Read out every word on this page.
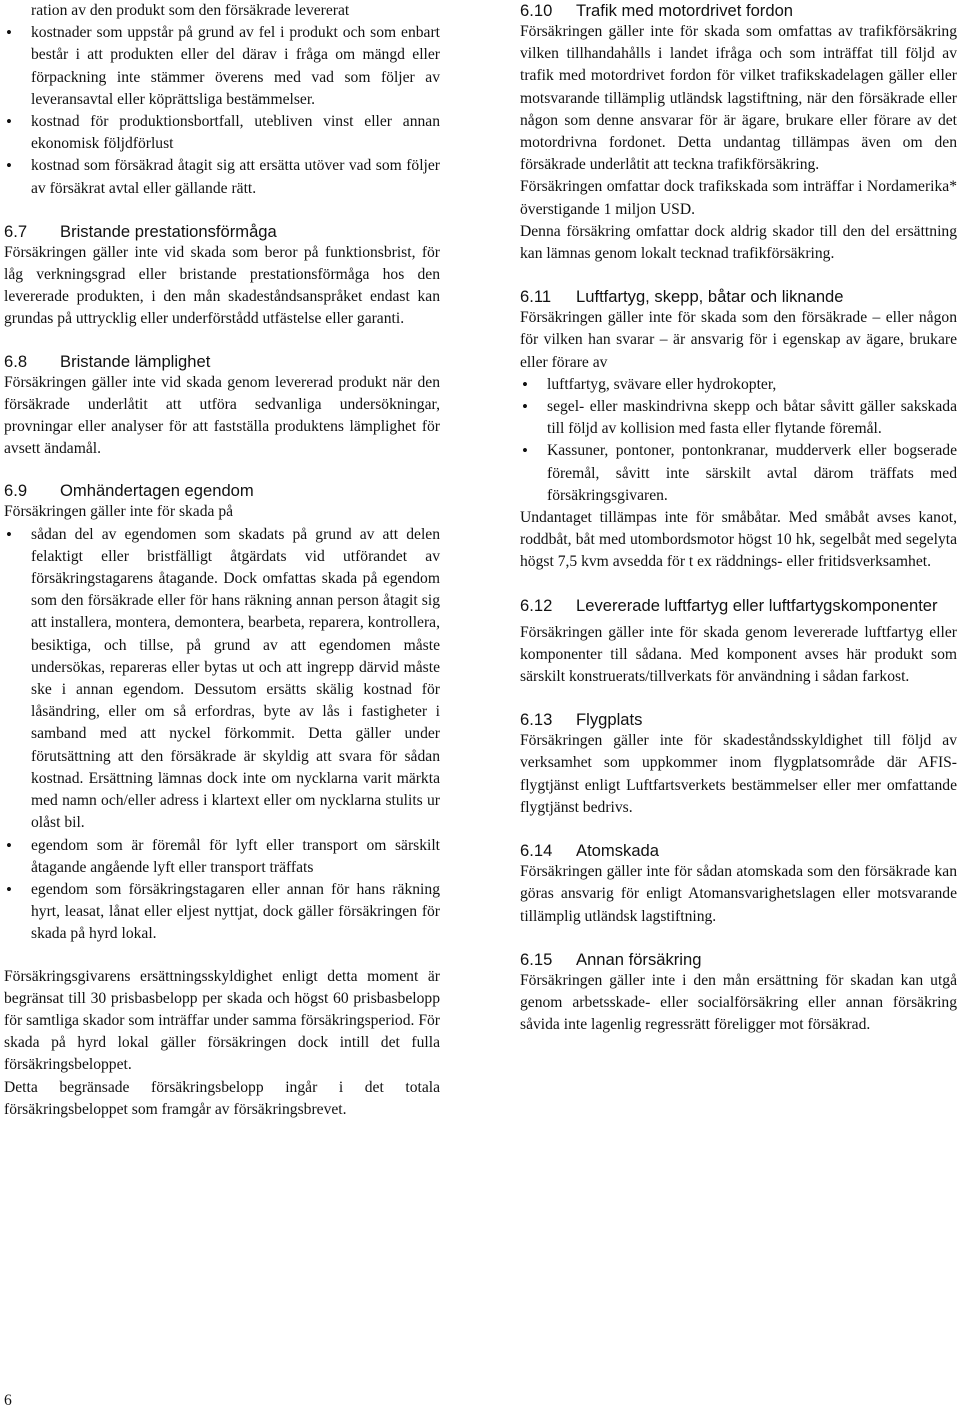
ration av den produkt som den försäkrade levererat

• kostnader som uppstår på grund av fel i produkt och som enbart består i att produkten eller del därav i fråga om mängd eller förpackning inte stämmer överens med vad som följer av leveransavtal eller köprättsliga bestämmelser.
• kostnad för produktionsbortfall, utebliven vinst eller annan ekonomisk följdförlust
• kostnad som försäkrad åtagit sig att ersätta utöver vad som följer av försäkrat avtal eller gällande rätt.
6.7	Bristande prestationsförmåga

Försäkringen gäller inte vid skada som beror på funktionsbrist, för låg verkningsgrad eller bristande prestationsförmåga hos den levererade produkten, i den mån skadeståndsanspråket endast kan grundas på uttrycklig eller underförstådd utfästelse eller garanti.

6.8	Bristande lämplighet

Försäkringen gäller inte vid skada genom levererad produkt när den försäkrade underlåtit att utföra sedvanliga undersökningar, provningar eller analyser för att fastställa produktens lämplighet för avsett ändamål.

6.9	Omhändertagen egendom

Försäkringen gäller inte för skada på

• sådan del av egendomen som skadats på grund av att delen felaktigt eller bristfälligt åtgärdats vid utförandet av försäkringstagarens åtagande. Dock omfattas skada på egendom som den försäkrade eller för hans räkning annan person åtagit sig att installera, montera, demontera, bearbeta, reparera, kontrollera, besiktiga, och tillse, på grund av att egendomen måste undersökas, repareras eller bytas ut och att ingrepp därvid måste ske i annan egendom. Dessutom ersätts skälig kostnad för låsändring, eller om så erfordras, byte av lås i fastigheter i samband med att nyckel förkommit. Detta gäller under förutsättning att den försäkrade är skyldig att svara för sådan kostnad. Ersättning lämnas dock inte om nycklarna varit märkta med namn och/eller adress i klartext eller om nycklarna stulits ur olåst bil.
• egendom som är föremål för lyft eller transport om särskilt åtagande angående lyft eller transport träffats
• egendom som försäkringstagaren eller annan för hans räkning hyrt, leasat, lånat eller eljest nyttjat, dock gäller försäkringen för skada på hyrd lokal.

Försäkringsgivarens ersättningsskyldighet enligt detta moment är begränsat till 30 prisbasbelopp per skada och högst 60 prisbasbelopp för samtliga skador som inträffar under samma försäkringsperiod. För skada på hyrd lokal gäller försäkringen dock intill det fulla försäkringsbeloppet.

Detta begränsade försäkringsbelopp ingår i det totala försäkringsbeloppet som framgår av försäkringsbrevet.

6.10	Trafik med motordrivet fordon

Försäkringen gäller inte för skada som omfattas av trafikförsäkring vilken tillhandahålls i landet ifråga och som inträffat till följd av trafik med motordrivet fordon för vilket trafikskadelagen gäller eller motsvarande tillämplig utländsk lagstiftning, när den försäkrade eller någon som denne ansvarar för är ägare, brukare eller förare av det motordrivna fordonet. Detta undantag tillämpas även om den försäkrade underlåtit att teckna trafikförsäkring.

Försäkringen omfattar dock trafikskada som inträffar i Nordamerika* överstigande 1 miljon USD.

Denna försäkring omfattar dock aldrig skador till den del ersättning kan lämnas genom lokalt tecknad trafikförsäkring.

6.11	Luftfartyg, skepp, båtar och liknande

Försäkringen gäller inte för skada som den försäkrade – eller någon för vilken han svarar – är ansvarig för i egenskap av ägare, brukare eller förare av

• luftfartyg, svävare eller hydrokopter,
• segel- eller maskindrivna skepp och båtar såvitt gäller sakskada till följd av kollision med fasta eller flytande föremål.
• Kassuner, pontoner, pontonkranar, mudderverk eller bogserade föremål, såvitt inte särskilt avtal därom träffats med försäkringsgivaren.

Undantaget tillämpas inte för småbåtar. Med småbåt avses kanot, roddbåt, båt med utombordsmotor högst 10 hk, segelbåt med segelyta högst 7,5 kvm avsedda för t ex räddnings- eller fritidsverksamhet.

6.12	Levererade luftfartyg eller luftfartygskomponenter

Försäkringen gäller inte för skada genom levererade luftfartyg eller komponenter till sådana. Med komponent avses här produkt som särskilt konstruerats/tillverkats för användning i sådan farkost.

6.13	Flygplats

Försäkringen gäller inte för skadeståndsskyldighet till följd av verksamhet som uppkommer inom flygplatsområde där AFIS-flygtjänst enligt Luftfartsverkets bestämmelser eller mer omfattande flygtjänst bedrivs.

6.14	Atomskada

Försäkringen gäller inte för sådan atomskada som den försäkrade kan göras ansvarig för enligt Atomansvarighetslagen eller motsvarande tillämplig utländsk lagstiftning.

6.15	Annan försäkring

Försäkringen gäller inte i den mån ersättning för skadan kan utgå genom arbetsskade- eller socialförsäkring eller annan försäkring såvida inte lagenlig regressrätt föreligger mot försäkrad.

6
